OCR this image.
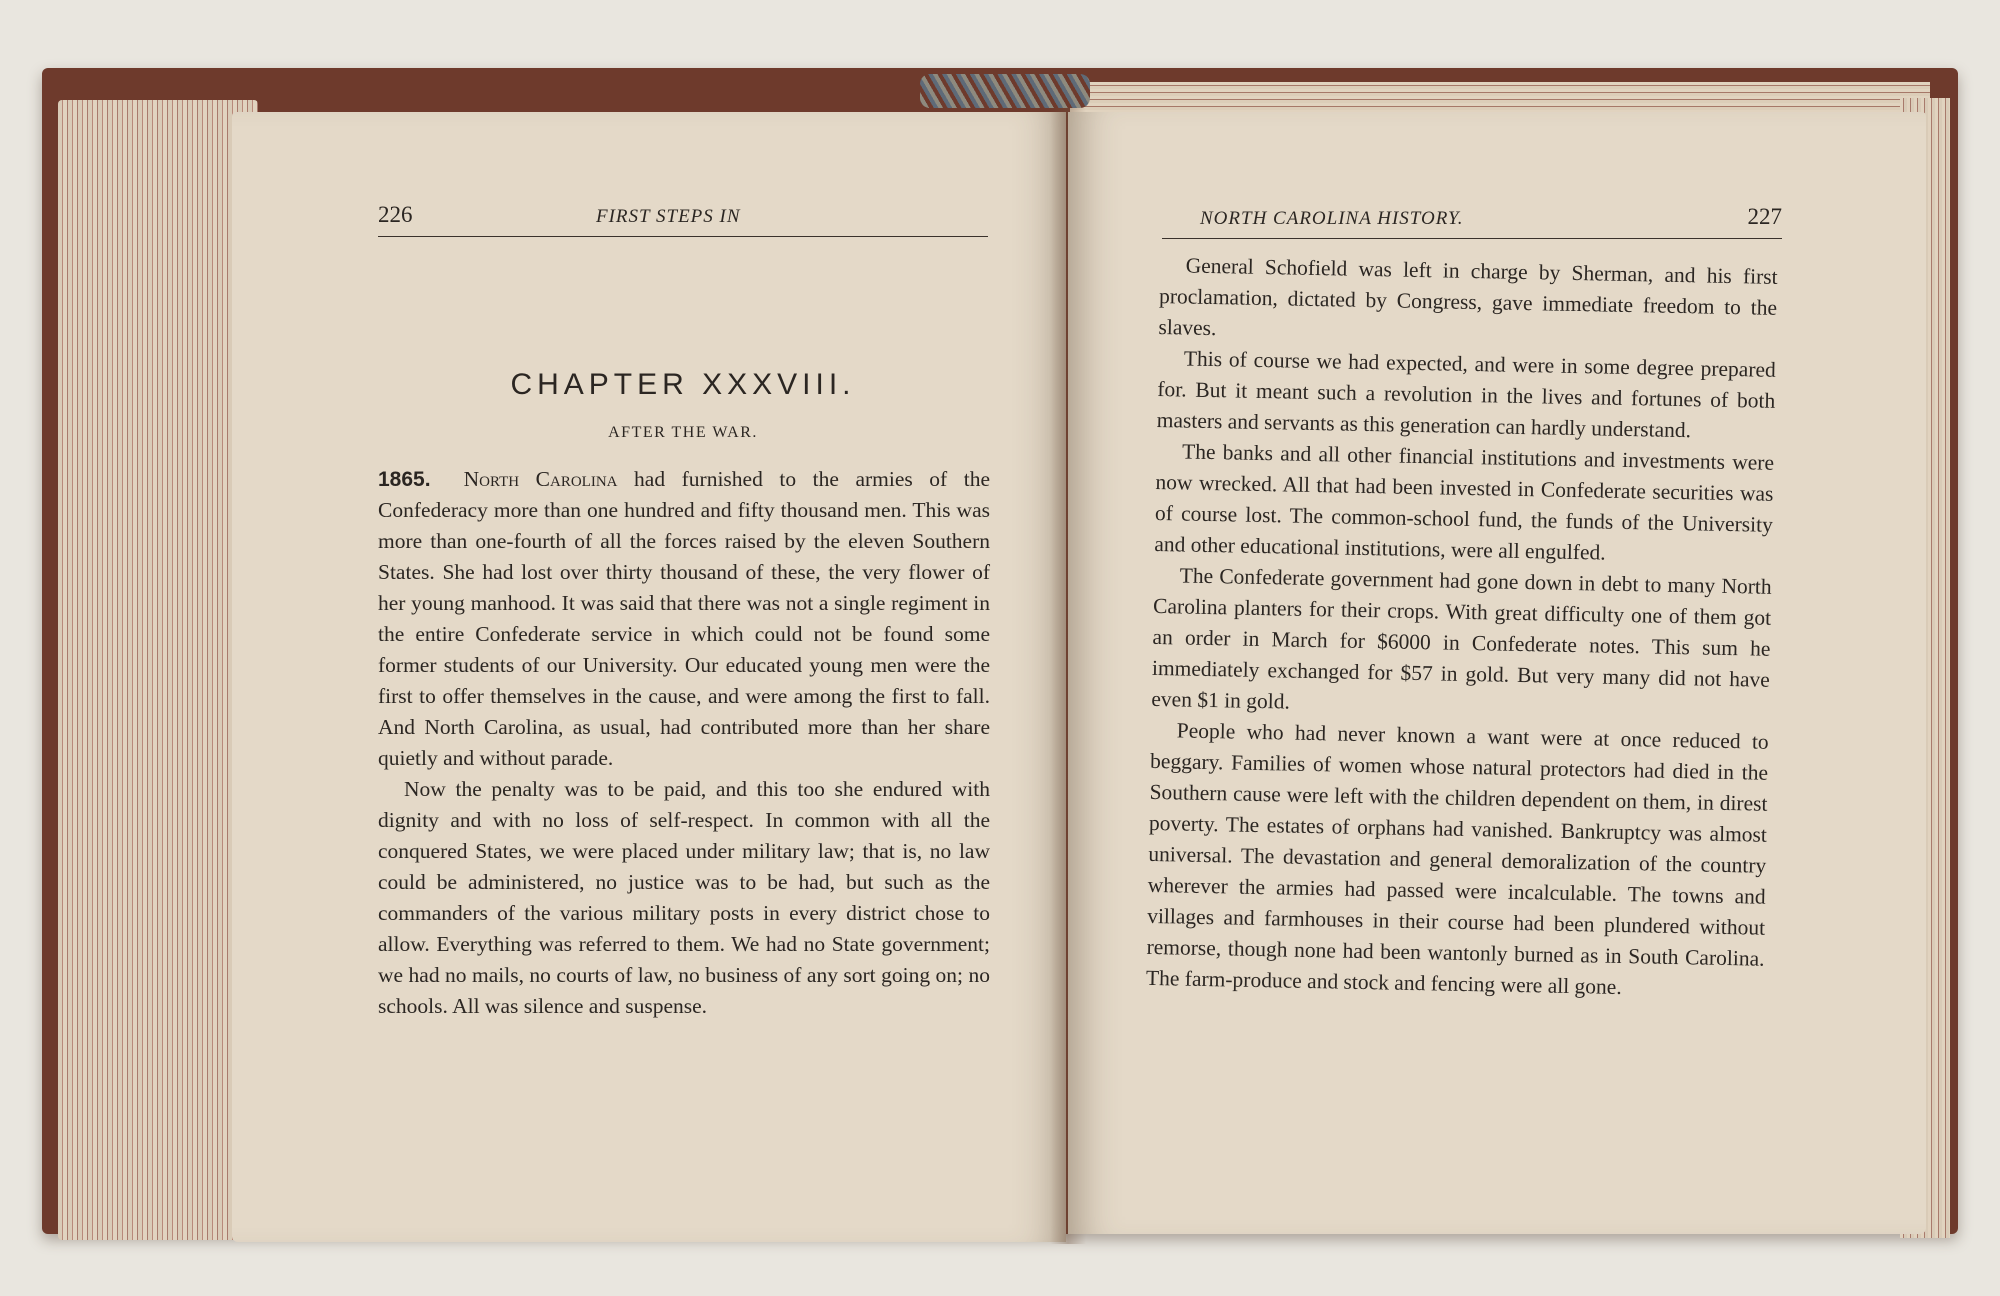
226	FIRST STEPS IN
CHAPTER XXXVIII.
AFTER THE WAR.

1865. North Carolina had furnished to the armies of the Confederacy more than one hundred and fifty thousand men. This was more than one-fourth of all the forces raised by the eleven Southern States. She had lost over thirty thousand of these, the very flower of her young manhood. It was said that there was not a single regiment in the entire Confederate service in which could not be found some former students of our University. Our educated young men were the first to offer themselves in the cause, and were among the first to fall. And North Carolina, as usual, had contributed more than her share quietly and without parade.

Now the penalty was to be paid, and this too she endured with dignity and with no loss of self-respect. In common with all the conquered States, we were placed under military law; that is, no law could be administered, no justice was to be had, but such as the commanders of the various military posts in every district chose to allow. Everything was referred to them. We had no State government; we had no mails, no courts of law, no business of any sort going on; no schools. All was silence and suspense.

NORTH CAROLINA HISTORY.	227

General Schofield was left in charge by Sherman, and his first proclamation, dictated by Congress, gave immediate freedom to the slaves.

This of course we had expected, and were in some degree prepared for. But it meant such a revolution in the lives and fortunes of both masters and servants as this generation can hardly understand.

The banks and all other financial institutions and investments were now wrecked. All that had been invested in Confederate securities was of course lost. The common-school fund, the funds of the University and other educational institutions, were all engulfed.

The Confederate government had gone down in debt to many North Carolina planters for their crops. With great difficulty one of them got an order in March for $6000 in Confederate notes. This sum he immediately exchanged for $57 in gold. But very many did not have even $1 in gold.

People who had never known a want were at once reduced to beggary. Families of women whose natural protectors had died in the Southern cause were left with the children dependent on them, in direst poverty. The estates of orphans had vanished. Bankruptcy was almost universal. The devastation and general demoralization of the country wherever the armies had passed were incalculable. The towns and villages and farmhouses in their course had been plundered without remorse, though none had been wantonly burned as in South Carolina. The farm-produce and stock and fencing were all gone.
